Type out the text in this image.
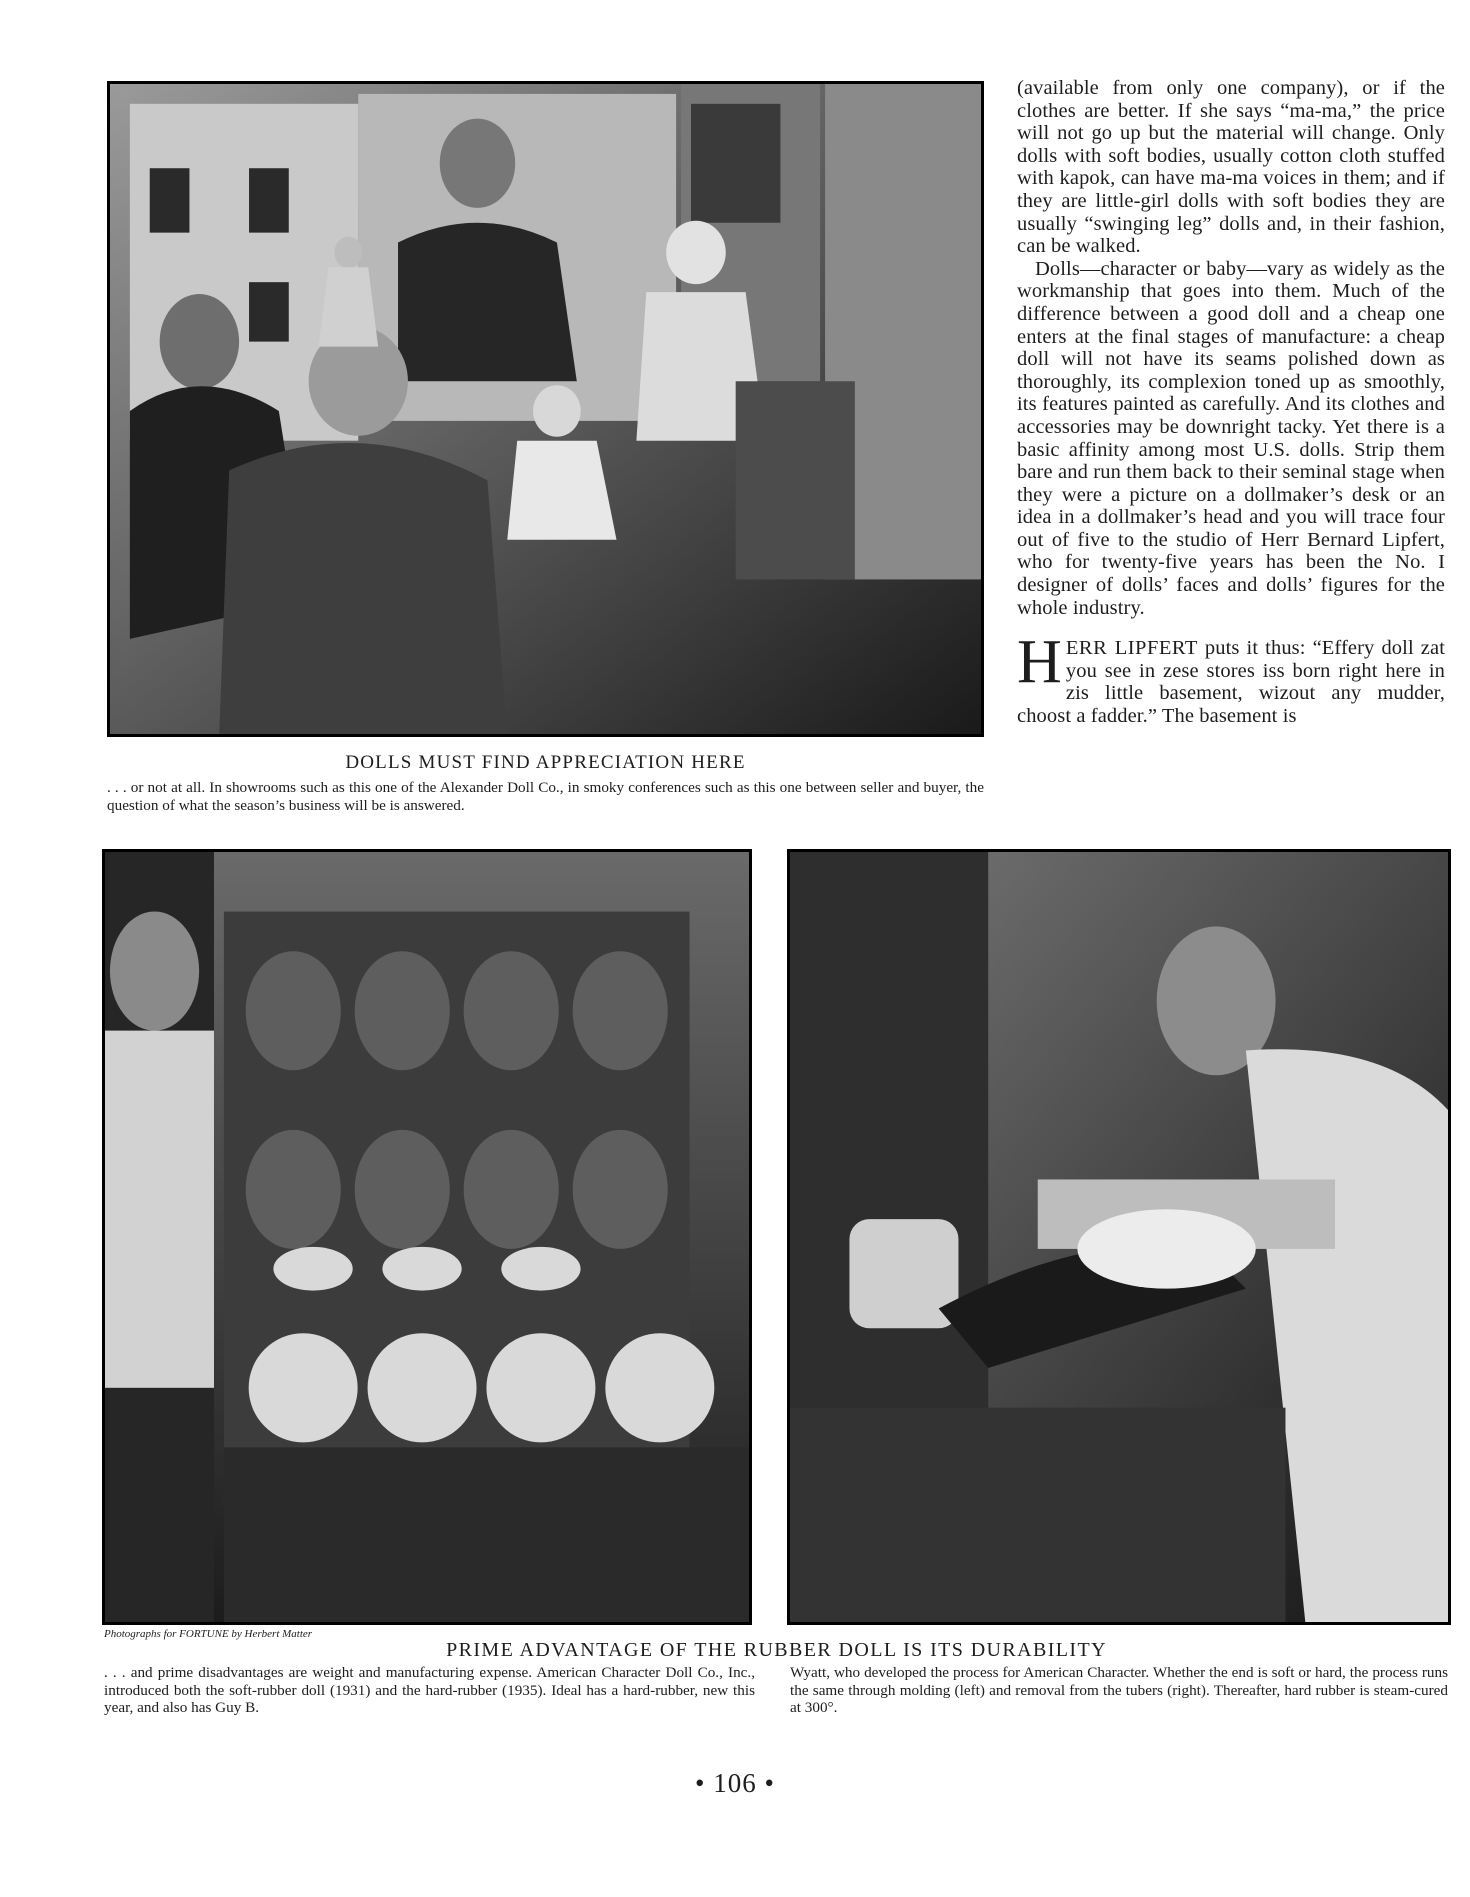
(available from only one company), or if the clothes are better. If she says “ma-ma,” the price will not go up but the material will change. Only dolls with soft bodies, usually cotton cloth stuffed with kapok, can have ma-ma voices in them; and if they are little-girl dolls with soft bodies they are usually “swinging leg” dolls and, in their fashion, can be walked.

Dolls—character or baby—vary as widely as the workmanship that goes into them. Much of the difference between a good doll and a cheap one enters at the final stages of manufacture: a cheap doll will not have its seams polished down as thoroughly, its complexion toned up as smoothly, its features painted as carefully. And its clothes and accessories may be downright tacky. Yet there is a basic affinity among most U.S. dolls. Strip them bare and run them back to their seminal stage when they were a picture on a dollmaker’s desk or an idea in a dollmaker’s head and you will trace four out of five to the studio of Herr Bernard Lipfert, who for twenty-five years has been the No. I designer of dolls’ faces and dolls’ figures for the whole industry.

HERR LIPFERT puts it thus: “Effery doll zat you see in zese stores iss born right here in zis little basement, wizout any mudder, choost a fadder.” The basement is

DOLLS MUST FIND APPRECIATION HERE
. . . or not at all. In showrooms such as this one of the Alexander Doll Co., in smoky conferences such as this one between seller and buyer, the question of what the season’s business will be is answered.
Photographs for FORTUNE by Herbert Matter
PRIME ADVANTAGE OF THE RUBBER DOLL IS ITS DURABILITY
. . . and prime disadvantages are weight and manufacturing expense. American Character Doll Co., Inc., introduced both the soft-rubber doll (1931) and the hard-rubber (1935). Ideal has a hard-rubber, new this year, and also has Guy B.
Wyatt, who developed the process for American Character. Whether the end is soft or hard, the process runs the same through molding (left) and removal from the tubers (right). Thereafter, hard rubber is steam-cured at 300°.
• 106 •
